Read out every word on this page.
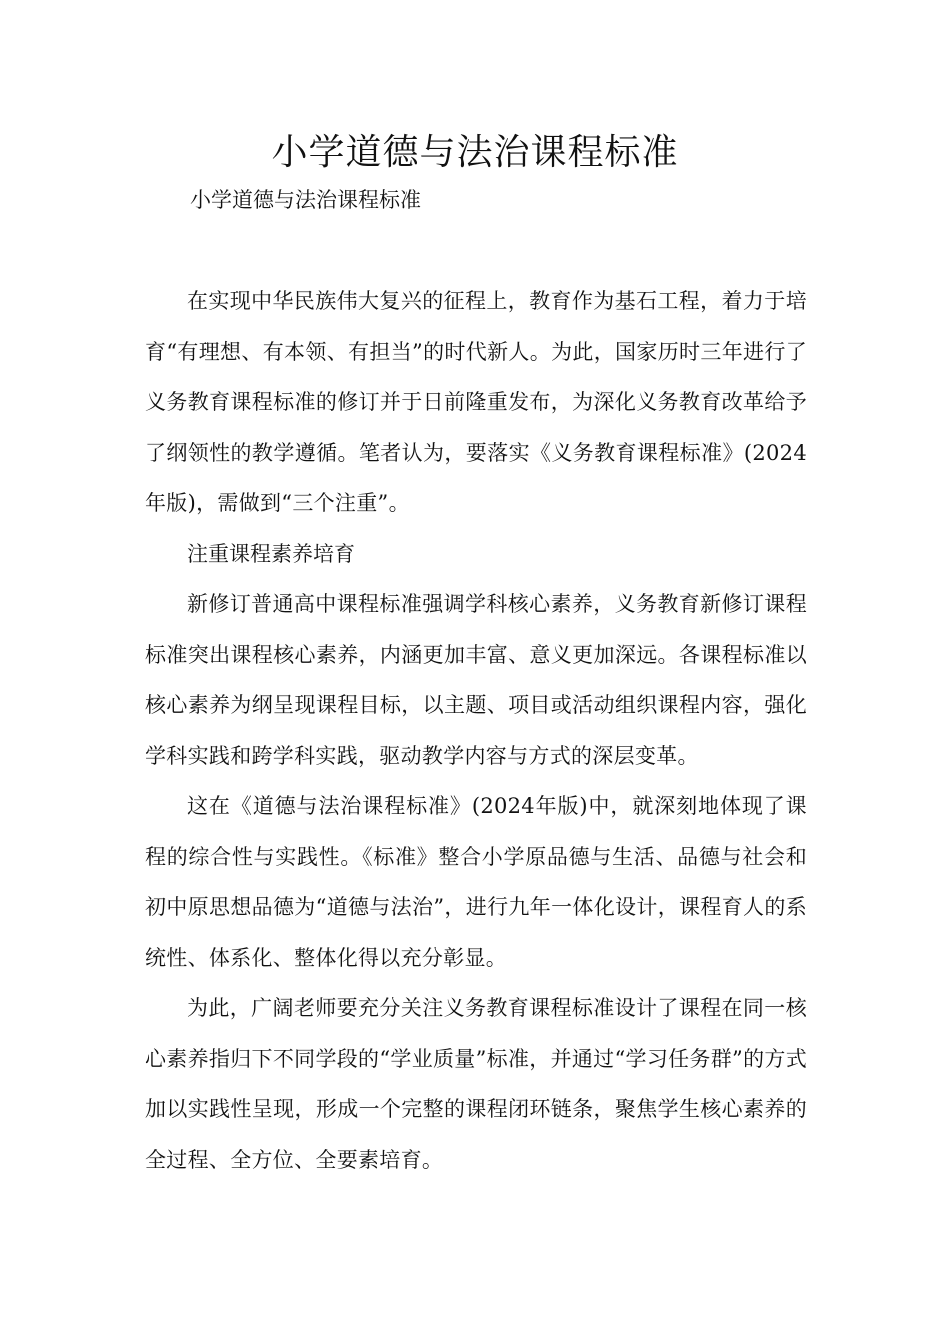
小学道德与法治课程标准

小学道德与法治课程标准

在实现中华民族伟大复兴的征程上，教育作为基石工程，着力于培育“有理想、有本领、有担当”的时代新人。为此，国家历时三年进行了义务教育课程标准的修订并于日前隆重发布，为深化义务教育改革给予了纲领性的教学遵循。笔者认为，要落实《义务教育课程标准》(2024年版)，需做到“三个注重”。

注重课程素养培育

新修订普通高中课程标准强调学科核心素养，义务教育新修订课程标准突出课程核心素养，内涵更加丰富、意义更加深远。各课程标准以核心素养为纲呈现课程目标，以主题、项目或活动组织课程内容，强化学科实践和跨学科实践，驱动教学内容与方式的深层变革。

这在《道德与法治课程标准》(2024年版)中，就深刻地体现了课程的综合性与实践性。《标准》整合小学原品德与生活、品德与社会和初中原思想品德为“道德与法治”，进行九年一体化设计，课程育人的系统性、体系化、整体化得以充分彰显。

为此，广阔老师要充分关注义务教育课程标准设计了课程在同一核心素养指归下不同学段的“学业质量”标准，并通过“学习任务群”的方式加以实践性呈现，形成一个完整的课程闭环链条，聚焦学生核心素养的全过程、全方位、全要素培育。
